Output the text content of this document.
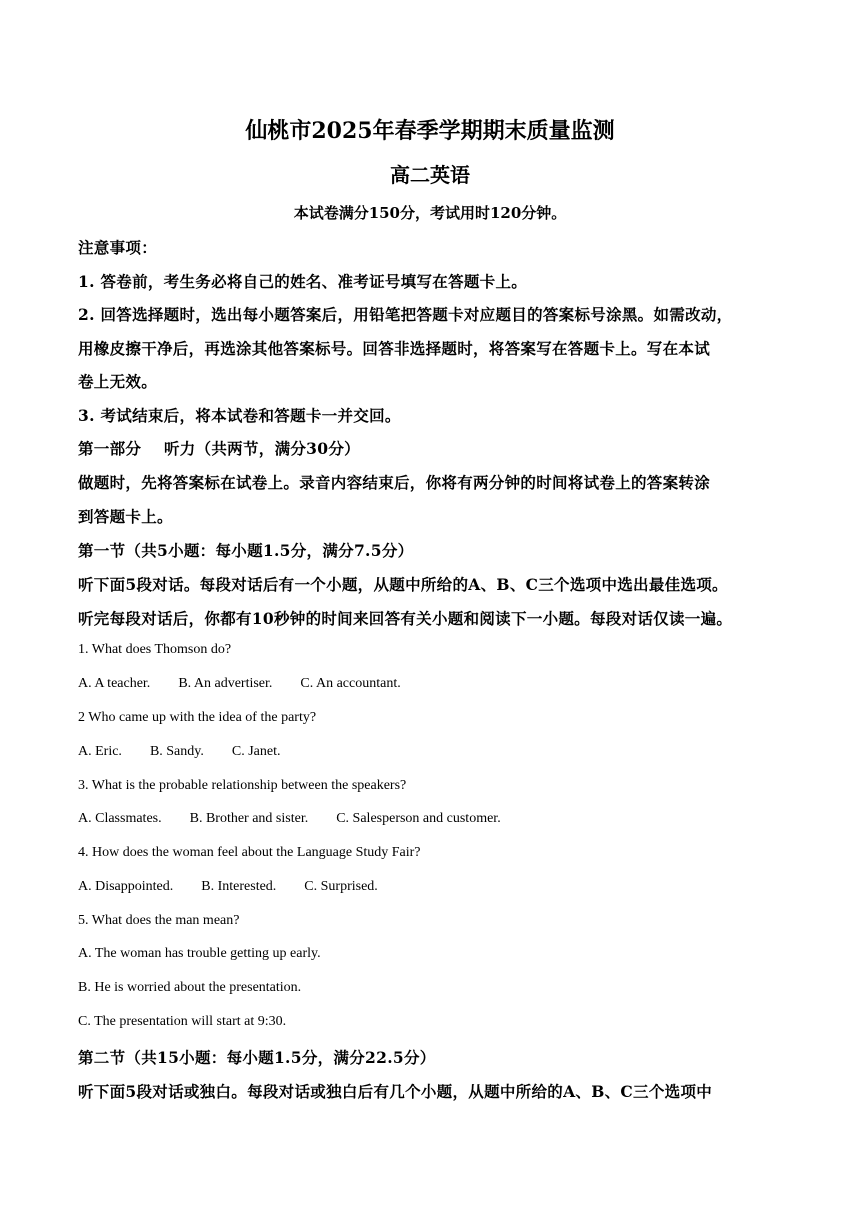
仙桃市2025年春季学期期末质量监测
高二英语
本试卷满分150分，考试用时120分钟。
注意事项：
1. 答卷前，考生务必将自己的姓名、准考证号填写在答题卡上。
2. 回答选择题时，选出每小题答案后，用铅笔把答题卡对应题目的答案标号涂黑。如需改动，
用橡皮擦干净后，再选涂其他答案标号。回答非选择题时，将答案写在答题卡上。写在本试
卷上无效。
3. 考试结束后，将本试卷和答题卡一并交回。
第一部分    听力（共两节，满分30分）
做题时，先将答案标在试卷上。录音内容结束后，你将有两分钟的时间将试卷上的答案转涂
到答题卡上。
第一节（共5小题：每小题1.5分，满分7.5分）
听下面5段对话。每段对话后有一个小题，从题中所给的A、B、C三个选项中选出最佳选项。
听完每段对话后，你都有10秒钟的时间来回答有关小题和阅读下一小题。每段对话仅读一遍。
1. What does Thomson do?
A. A teacher. B. An advertiser. C. An accountant.
2 Who came up with the idea of the party?
A. Eric. B. Sandy. C. Janet.
3. What is the probable relationship between the speakers?
A. Classmates. B. Brother and sister. C. Salesperson and customer.
4. How does the woman feel about the Language Study Fair?
A. Disappointed. B. Interested. C. Surprised.
5. What does the man mean?
A. The woman has trouble getting up early.
B. He is worried about the presentation.
C. The presentation will start at 9:30.
第二节（共15小题：每小题1.5分，满分22.5分）
听下面5段对话或独白。每段对话或独白后有几个小题，从题中所给的A、B、C三个选项中
